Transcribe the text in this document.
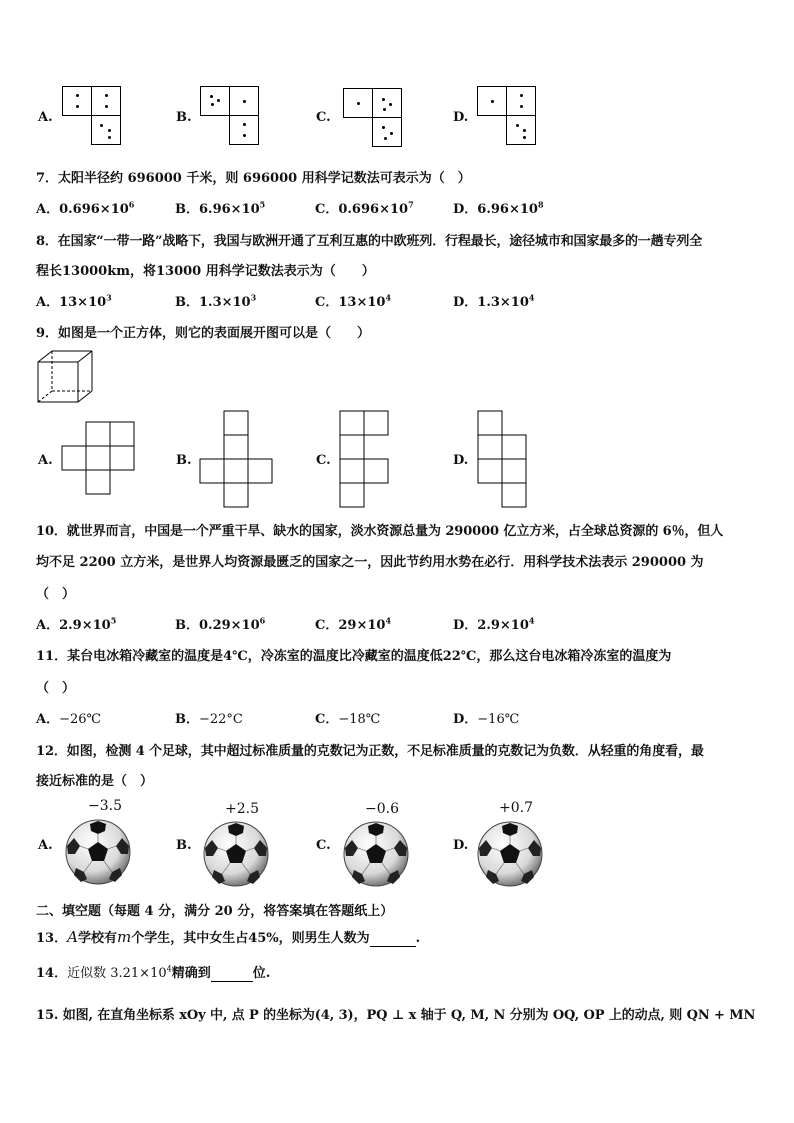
A.	B.	C.	D.
7．太阳半径约 696000 千米，则 696000 用科学记数法可表示为（　）
A．$0.696\times 10^6$	B．$6.96\times 10^5$	C．$0.696\times 10^7$	D．$6.96\times 10^8$
8．在国家“一带一路”战略下，我国与欧洲开通了互利互惠的中欧班列．行程最长，途径城市和国家最多的一趟专列全
程长13000km，将13000 用科学记数法表示为（　　）
A．$13\times 10^3$	B．$1.3\times 10^3$	C．$13\times 10^4$	D．$1.3\times 10^4$
9．如图是一个正方体，则它的表面展开图可以是（　　）
A.	B.	C.	D.
10．就世界而言，中国是一个严重干旱、缺水的国家，淡水资源总量为 290000 亿立方米，占全球总资源的 6％，但人
均不足 2200 立方米，是世界人均资源最匮乏的国家之一，因此节约用水势在必行．用科学技术法表示 290000 为
（　）
A．$2.9\times 10^5$	B．$0.29\times 10^6$	C．$29\times 10^4$	D．$2.9\times 10^4$
11．某台电冰箱冷藏室的温度是4℃，冷冻室的温度比冷藏室的温度低22℃，那么这台电冰箱冷冻室的温度为
（　）
A．−26℃	B．−22°C	C．−18℃	D．−16℃
12．如图，检测 4 个足球，其中超过标准质量的克数记为正数，不足标准质量的克数记为负数．从轻重的角度看，最
接近标准的是（　）
A.	B.	C.	D.
−3.5	+2.5	−0.6	+0.7
二、填空题（每题 4 分，满分 20 分，将答案填在答题纸上）
13．A学校有m个学生，其中女生占45%，则男生人数为	.
14．近似数 $3.21\times 10^4$精确到	位.
15. 如图, 在直角坐标系 xOy 中, 点 P 的坐标为(4, 3)，PQ ⊥ x 轴于 Q, M, N 分别为 OQ, OP 上的动点, 则 QN + MN
